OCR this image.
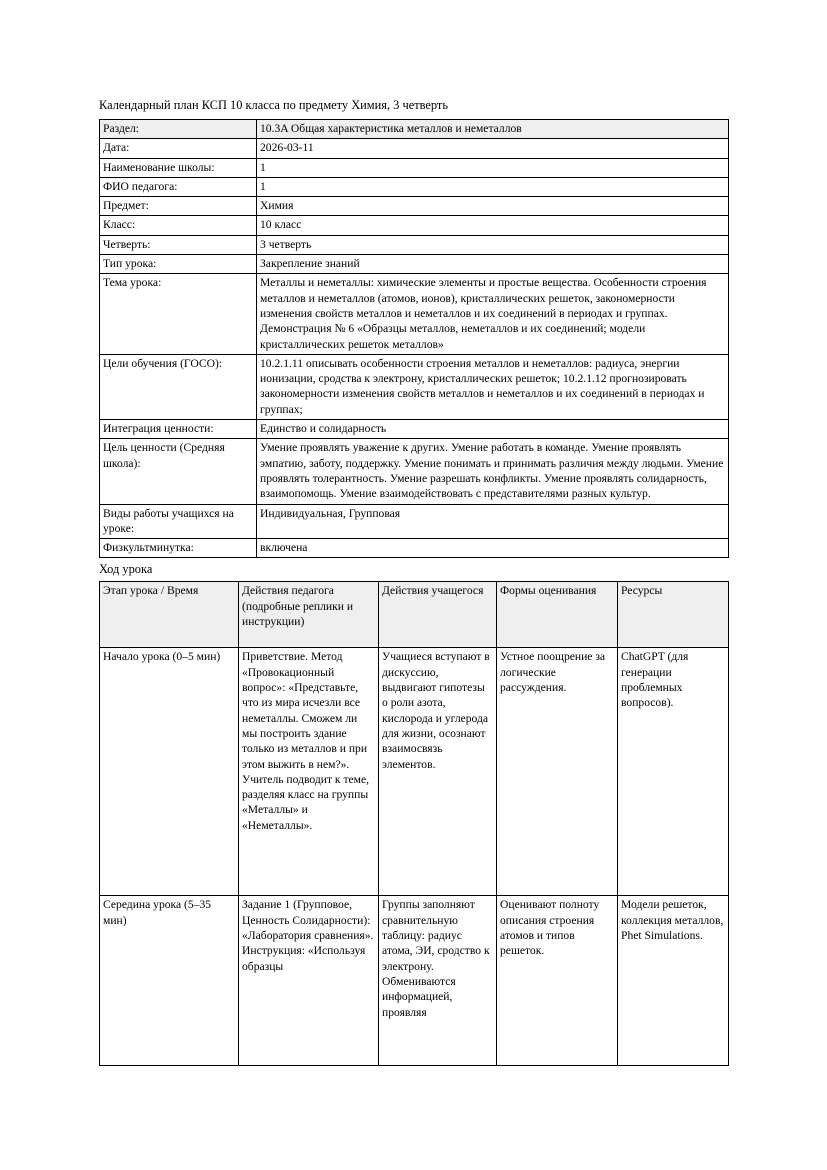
Календарный план КСП 10 класса по предмету Химия, 3 четверть
Раздел:	10.3A Общая характеристика металлов и неметаллов
Дата:	2026-03-11
Наименование школы:	1
ФИО педагога:	1
Предмет:	Химия
Класс:	10 класс
Четверть:	3 четверть
Тип урока:	Закрепление знаний
Тема урока:	Металлы и неметаллы: химические элементы и простые вещества. Особенности строения металлов и неметаллов (атомов, ионов), кристаллических решеток, закономерности изменения свойств металлов и неметаллов и их соединений в периодах и группах. Демонстрация № 6 «Образцы металлов, неметаллов и их соединений; модели кристаллических решеток металлов»
Цели обучения (ГОСО):	10.2.1.11 описывать особенности строения металлов и неметаллов: радиуса, энергии ионизации, сродства к электрону, кристаллических решеток; 10.2.1.12 прогнозировать закономерности изменения свойств металлов и неметаллов и их соединений в периодах и группах;
Интеграция ценности:	Единство и солидарность
Цель ценности (Средняя школа):	Умение проявлять уважение к других. Умение работать в команде. Умение проявлять эмпатию, заботу, поддержку. Умение понимать и принимать различия между людьми. Умение проявлять толерантность. Умение разрешать конфликты. Умение проявлять солидарность, взаимопомощь. Умение взаимодействовать с представителями разных культур.
Виды работы учащихся на уроке:	Индивидуальная, Групповая
Физкультминутка:	включена
Ход урока
Этап урока / Время	Действия педагога (подробные реплики и инструкции)	Действия учащегося	Формы оценивания	Ресурсы
Начало урока (0–5 мин)	Приветствие. Метод «Провокационный вопрос»: «Представьте, что из мира исчезли все неметаллы. Сможем ли мы построить здание только из металлов и при этом выжить в нем?». Учитель подводит к теме, разделяя класс на группы «Металлы» и «Неметаллы».	Учащиеся вступают в дискуссию, выдвигают гипотезы о роли азота, кислорода и углерода для жизни, осознают взаимосвязь элементов.	Устное поощрение за логические рассуждения.	ChatGPT (для генерации проблемных вопросов).
Середина урока (5–35 мин)	Задание 1 (Групповое, Ценность Солидарности): «Лаборатория сравнения». Инструкция: «Используя образцы	Группы заполняют сравнительную таблицу: радиус атома, ЭИ, сродство к электрону. Обмениваются информацией, проявляя	Оценивают полноту описания строения атомов и типов решеток.	Модели решеток, коллекция металлов, Phet Simulations.
